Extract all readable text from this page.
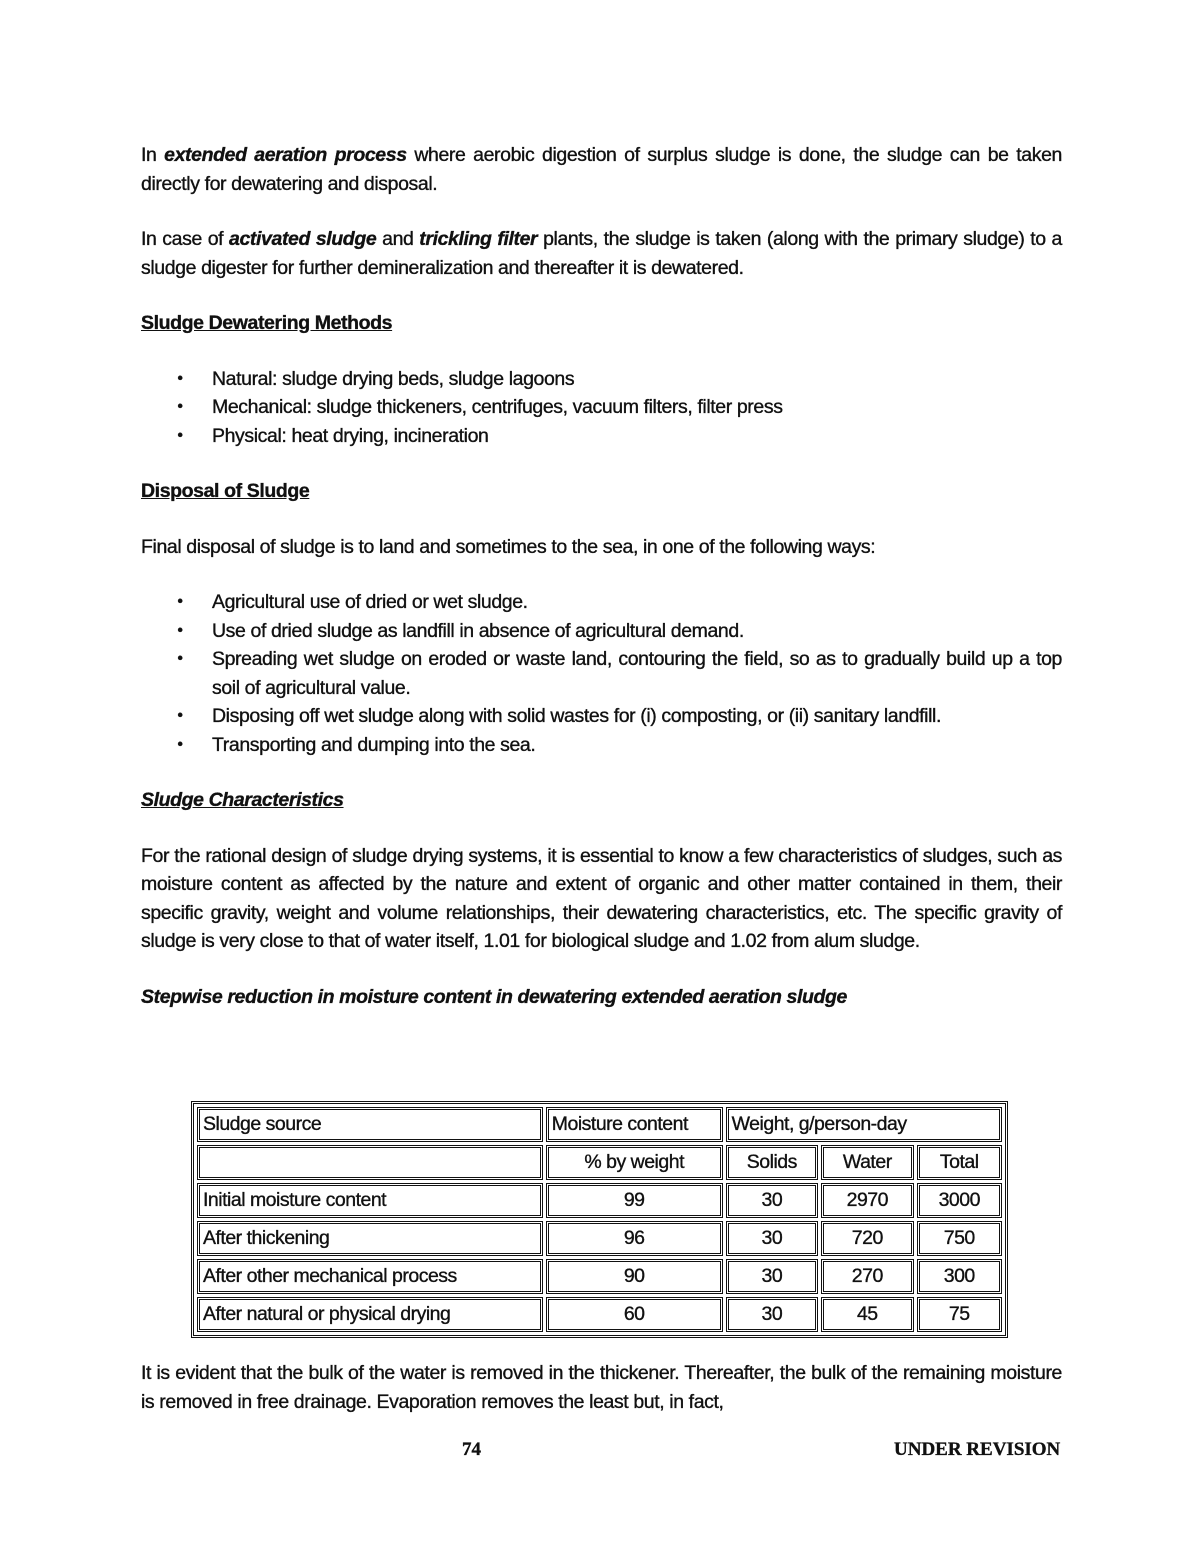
In extended aeration process where aerobic digestion of surplus sludge is done, the sludge can be taken directly for dewatering and disposal.

In case of activated sludge and trickling filter plants, the sludge is taken (along with the primary sludge) to a sludge digester for further demineralization and thereafter it is dewatered.

Sludge Dewatering Methods

• Natural: sludge drying beds, sludge lagoons
• Mechanical: sludge thickeners, centrifuges, vacuum filters, filter press
• Physical: heat drying, incineration

Disposal of Sludge

Final disposal of sludge is to land and sometimes to the sea, in one of the following ways:

• Agricultural use of dried or wet sludge.
• Use of dried sludge as landfill in absence of agricultural demand.
• Spreading wet sludge on eroded or waste land, contouring the field, so as to gradually build up a top soil of agricultural value.
• Disposing off wet sludge along with solid wastes for (i) composting, or (ii) sanitary landfill.
• Transporting and dumping into the sea.

Sludge Characteristics

For the rational design of sludge drying systems, it is essential to know a few characteristics of sludges, such as moisture content as affected by the nature and extent of organic and other matter contained in them, their specific gravity, weight and volume relationships, their dewatering characteristics, etc. The specific gravity of sludge is very close to that of water itself, 1.01 for biological sludge and 1.02 from alum sludge.

Stepwise reduction in moisture content in dewatering extended aeration sludge

Sludge source	Moisture content	Weight, g/person-day		
	% by weight	Solids	Water	Total
Initial moisture content	99	30	2970	3000
After thickening	96	30	720	750
After other mechanical process	90	30	270	300
After natural or physical drying	60	30	45	75

It is evident that the bulk of the water is removed in the thickener. Thereafter, the bulk of the remaining moisture is removed in free drainage. Evaporation removes the least but, in fact,

74	UNDER REVISION
